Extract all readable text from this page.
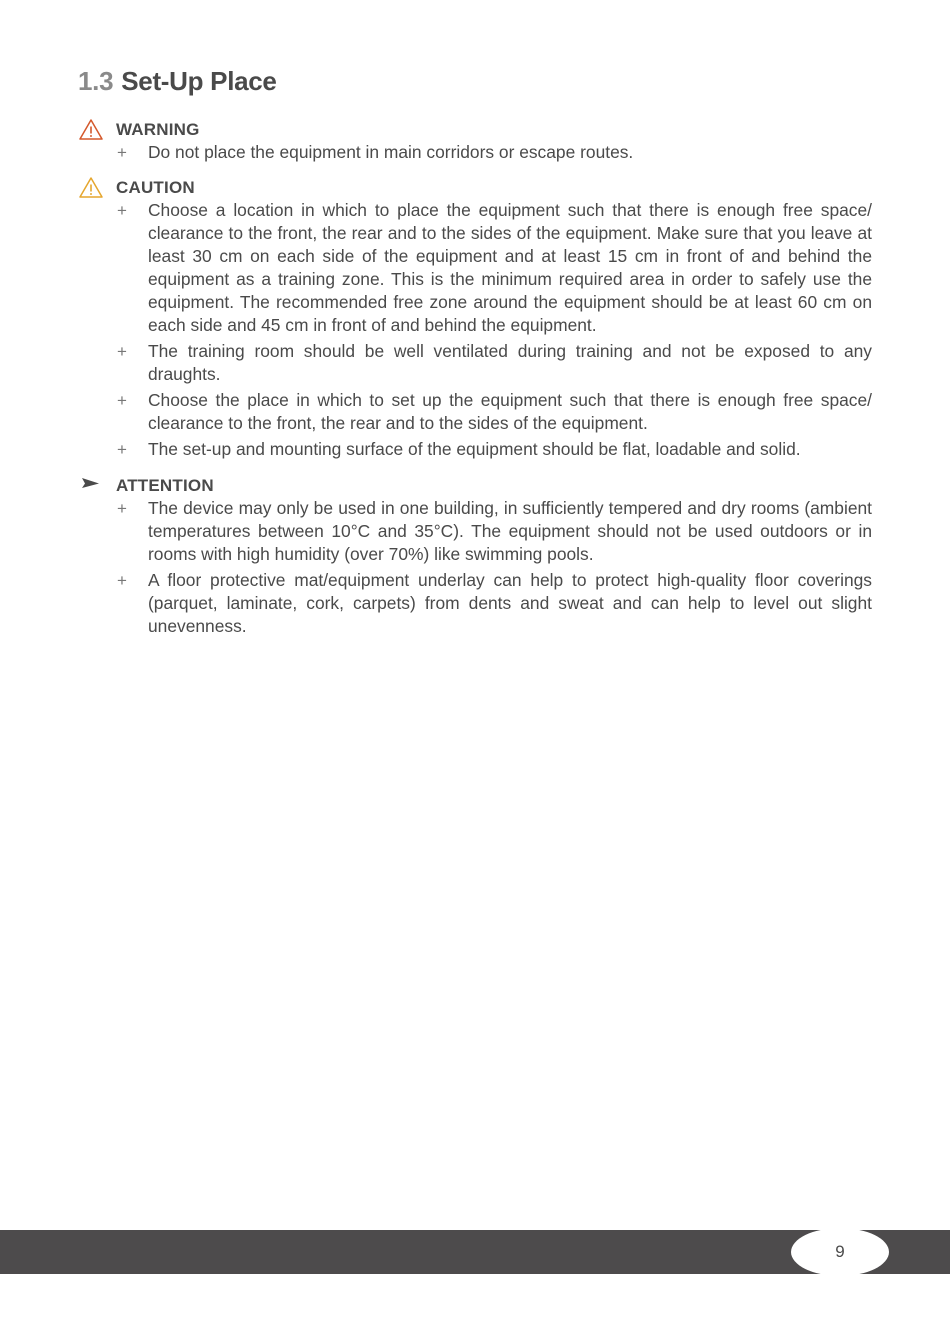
1.3 Set-Up Place
WARNING
+ Do not place the equipment in main corridors or escape routes.
CAUTION
+ Choose a location in which to place the equipment such that there is enough free space/ clearance to the front, the rear and to the sides of the equipment. Make sure that you leave at least 30 cm on each side of the equipment and at least 15 cm in front of and behind the equipment as a training zone. This is the minimum required area in order to safely use the equipment. The recommended free zone around the equipment should be at least 60 cm on each side and 45 cm in front of and behind the equipment.
+ The training room should be well ventilated during training and not be exposed to any draughts.
+ Choose the place in which to set up the equipment such that there is enough free space/ clearance to the front, the rear and to the sides of the equipment.
+ The set-up and mounting surface of the equipment should be flat, loadable and solid.
ATTENTION
+ The device may only be used in one building, in sufficiently tempered and dry rooms (ambient temperatures between 10°C and 35°C). The equipment should not be used outdoors or in rooms with high humidity (over 70%) like swimming pools.
+ A floor protective mat/equipment underlay can help to protect high-quality floor coverings (parquet, laminate, cork, carpets) from dents and sweat and can help to level out slight unevenness.
9
